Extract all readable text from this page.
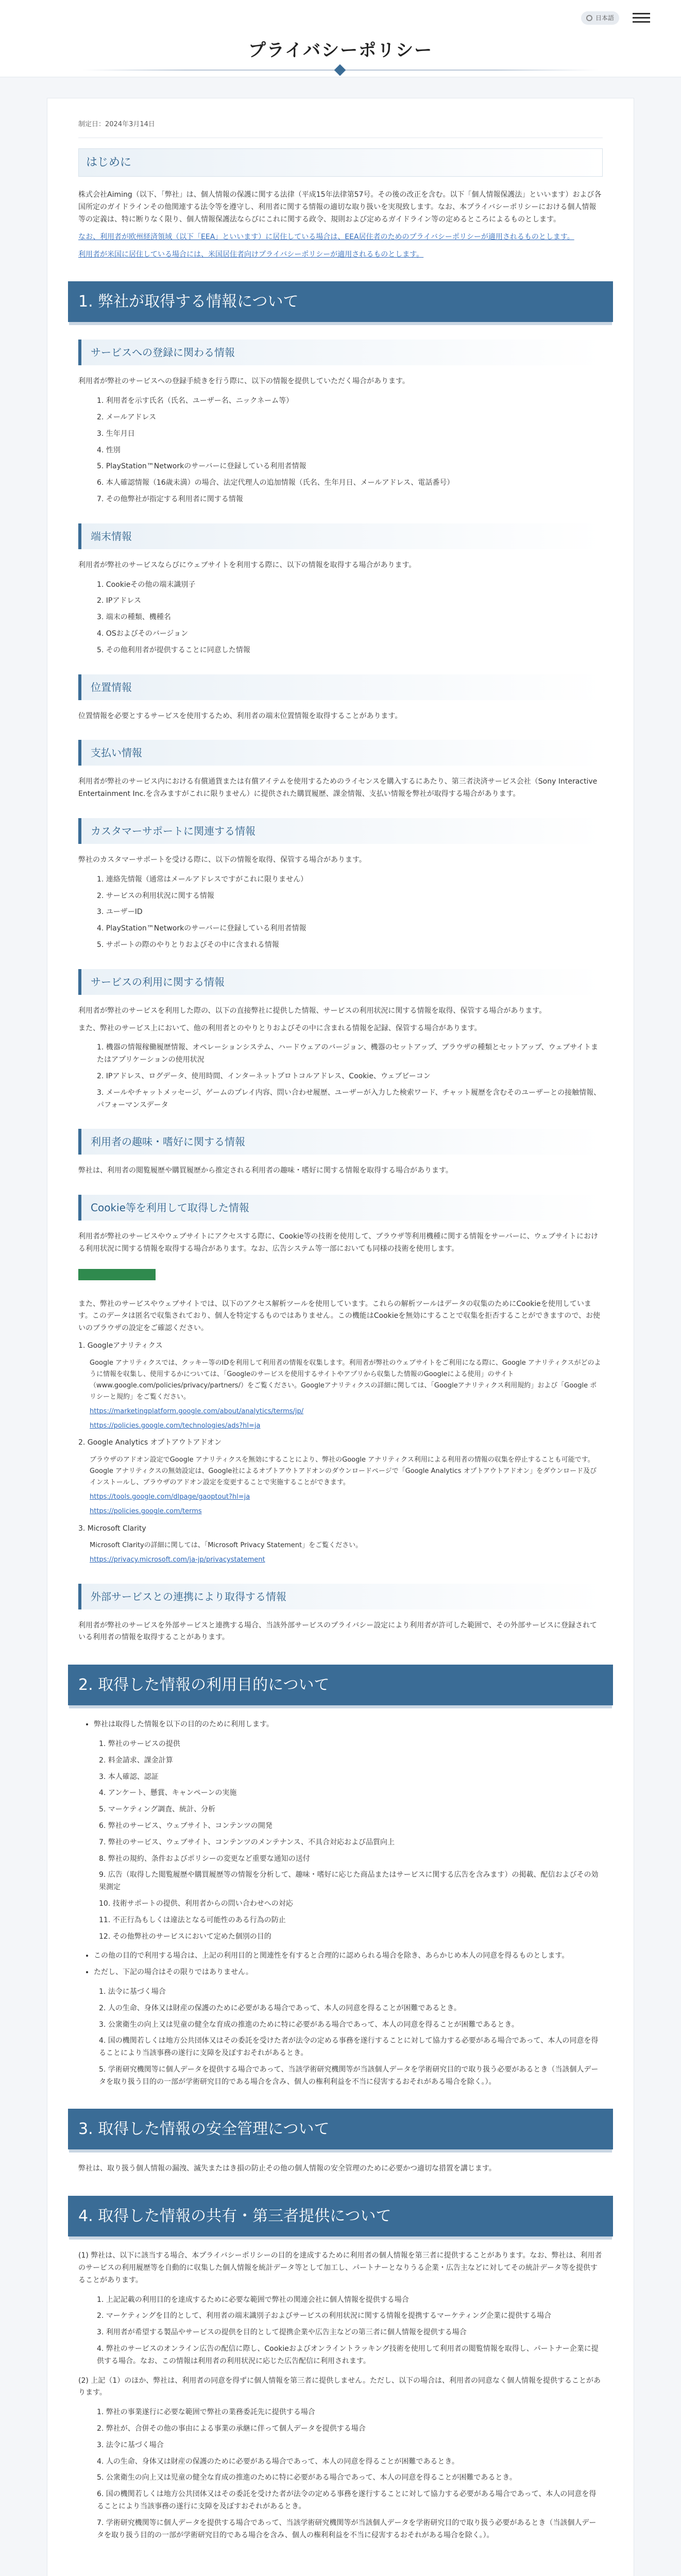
日本語
プライバシーポリシー
制定日：2024年3月14日
はじめに

株式会社Aiming（以下、「弊社」は、個人情報の保護に関する法律（平成15年法律第57号。その後の改正を含む。以下「個人情報保護法」といいます）および各国所定のガイドラインその他関連する法令等を遵守し、利用者に関する情報の適切な取り扱いを実現致します。なお、本プライバシーポリシーにおける個人情報等の定義は、特に断りなく限り、個人情報保護法ならびにこれに関する政令、規則および定めるガイドライン等の定めるところによるものとします。

なお、利用者が欧州経済領域（以下「EEA」といいます）に居住している場合は、EEA居住者のためのプライバシーポリシーが適用されるものとします。

利用者が米国に居住している場合には、米国居住者向けプライバシーポリシーが適用されるものとします。

1. 弊社が取得する情報について
サービスへの登録に関わる情報

利用者が弊社のサービスへの登録手続きを行う際に、以下の情報を提供していただく場合があります。

1. 利用者を示す氏名（氏名、ユーザー名、ニックネーム等）
2. メールアドレス
3. 生年月日
4. 性別
5. PlayStation™Networkのサーバーに登録している利用者情報
6. 本人確認情報（16歳未満）の場合、法定代理人の追加情報（氏名、生年月日、メールアドレス、電話番号）
7. その他弊社が指定する利用者に関する情報
端末情報

利用者が弊社のサービスならびにウェブサイトを利用する際に、以下の情報を取得する場合があります。

1. Cookieその他の端末識別子
2. IPアドレス
3. 端末の種類、機種名
4. OSおよびそのバージョン
5. その他利用者が提供することに同意した情報
位置情報

位置情報を必要とするサービスを使用するため、利用者の端末位置情報を取得することがあります。

支払い情報

利用者が弊社のサービス内における有償通貨または有償アイテムを使用するためのライセンスを購入するにあたり、第三者決済サービス会社（Sony Interactive Entertainment Inc.を含みますがこれに限りません）に提供された購買履歴、課金情報、支払い情報を弊社が取得する場合があります。

カスタマーサポートに関連する情報

弊社のカスタマーサポートを受ける際に、以下の情報を取得、保管する場合があります。

1. 連絡先情報（通常はメールアドレスですがこれに限りません）
2. サービスの利用状況に関する情報
3. ユーザーID
4. PlayStation™Networkのサーバーに登録している利用者情報
5. サポートの際のやりとりおよびその中に含まれる情報
サービスの利用に関する情報

利用者が弊社のサービスを利用した際の、以下の直接弊社に提供した情報、サービスの利用状況に関する情報を取得、保管する場合があります。

また、弊社のサービス上において、他の利用者とのやりとりおよびその中に含まれる情報を記録、保管する場合があります。

1. 機器の情報稼働履歴情報、オペレーションシステム、ハードウェアのバージョン、機器のセットアップ、ブラウザの種類とセットアップ、ウェブサイトまたはアプリケーションの使用状況
2. IPアドレス、ログデータ、使用時間、インターネットプロトコルアドレス、Cookie、ウェブビーコン
3. メールやチャットメッセージ、ゲームのプレイ内容、問い合わせ履歴、ユーザーが入力した検索ワード、チャット履歴を含むそのユーザーとの接触情報、パフォーマンスデータ
利用者の趣味・嗜好に関する情報

弊社は、利用者の閲覧履歴や購買履歴から推定される利用者の趣味・嗜好に関する情報を取得する場合があります。

Cookie等を利用して取得した情報

利用者が弊社のサービスやウェブサイトにアクセスする際に、Cookie等の技術を使用して、ブラウザ等利用機種に関する情報をサーバーに、ウェブサイトにおける利用状況に関する情報を取得する場合があります。なお、広告システム等一部においても同様の技術を使用します。

また、弊社のサービスやウェブサイトでは、以下のアクセス解析ツールを使用しています。これらの解析ツールはデータの収集のためにCookieを使用しています。このデータは匿名で収集されており、個人を特定するものではありません。この機能はCookieを無効にすることで収集を拒否することができますので、お使いのブラウザの設定をご確認ください。

1. Googleアナリティクス

Google アナリティクスでは、クッキー等のIDを利用して利用者の情報を収集します。利用者が弊社のウェブサイトをご利用になる際に、Google アナリティクスがどのように情報を収集し、使用するかについては、「Googleのサービスを使用するサイトやアプリから収集した情報のGoogleによる使用」のサイト（www.google.com/policies/privacy/partners/）をご覧ください。Googleアナリティクスの詳細に関しては、「Googleアナリティクス利用規約」および「Google ポリシーと規約」をご覧ください。

https://marketingplatform.google.com/about/analytics/terms/jp/

https://policies.google.com/technologies/ads?hl=ja

2. Google Analytics オプトアウトアドオン

ブラウザのアドオン設定でGoogle アナリティクスを無効にすることにより、弊社のGoogle アナリティクス利用による利用者の情報の収集を停止することも可能です。Google アナリティクスの無効設定は、Google社によるオプトアウトアドオンのダウンロードページで「Google Analytics オプトアウトアドオン」をダウンロード及びインストールし、ブラウザのアドオン設定を変更することで実施することができます。

https://tools.google.com/dlpage/gaoptout?hl=ja

https://policies.google.com/terms

3. Microsoft Clarity

Microsoft Clarityの詳細に関しては、「Microsoft Privacy Statement」をご覧ください。

https://privacy.microsoft.com/ja-jp/privacystatement

外部サービスとの連携により取得する情報

利用者が弊社のサービスを外部サービスと連携する場合、当該外部サービスのプライバシー設定により利用者が許可した範囲で、その外部サービスに登録されている利用者の情報を取得することがあります。

2. 取得した情報の利用目的について
• 弊社は取得した情報を以下の目的のために利用します。
1. 弊社のサービスの提供
2. 料金請求、課金計算
3. 本人確認、認証
4. アンケート、懸賞、キャンペーンの実施
5. マーケティング調査、統計、分析
6. 弊社のサービス、ウェブサイト、コンテンツの開発
7. 弊社のサービス、ウェブサイト、コンテンツのメンテナンス、不具合対応および品質向上
8. 弊社の規約、条件およびポリシーの変更など重要な通知の送付
9. 広告（取得した閲覧履歴や購買履歴等の情報を分析して、趣味・嗜好に応じた商品またはサービスに関する広告を含みます）の掲載、配信およびその効果測定
10. 技術サポートの提供、利用者からの問い合わせへの対応
11. 不正行為もしくは違法となる可能性のある行為の防止
12. その他弊社のサービスにおいて定めた個別の目的
• この他の目的で利用する場合は、上記の利用目的と関連性を有すると合理的に認められる場合を除き、あらかじめ本人の同意を得るものとします。
• ただし、下記の場合はその限りではありません。
1. 法令に基づく場合
2. 人の生命、身体又は財産の保護のために必要がある場合であって、本人の同意を得ることが困難であるとき。
3. 公衆衛生の向上又は児童の健全な育成の推進のために特に必要がある場合であって、本人の同意を得ることが困難であるとき。
4. 国の機関若しくは地方公共団体又はその委託を受けた者が法令の定める事務を遂行することに対して協力する必要がある場合であって、本人の同意を得ることにより当該事務の遂行に支障を及ぼすおそれがあるとき。
5. 学術研究機関等に個人データを提供する場合であって、当該学術研究機関等が当該個人データを学術研究目的で取り扱う必要があるとき（当該個人データを取り扱う目的の一部が学術研究目的である場合を含み、個人の権利利益を不当に侵害するおそれがある場合を除く。）。
3. 取得した情報の安全管理について

弊社は、取り扱う個人情報の漏洩、滅失またはき損の防止その他の個人情報の安全管理のために必要かつ適切な措置を講じます。

4. 取得した情報の共有・第三者提供について

(1) 弊社は、以下に該当する場合、本プライバシーポリシーの目的を達成するために利用者の個人情報を第三者に提供することがあります。なお、弊社は、利用者のサービスの利用履歴等を自動的に収集した個人情報を統計データ等として加工し、パートナーとなりうる企業・広告主などに対してその統計データ等を提供することがあります。

1. 上記記載の利用目的を達成するために必要な範囲で弊社の関連会社に個人情報を提供する場合
2. マーケティングを目的として、利用者の端末識別子およびサービスの利用状況に関する情報を提携するマーケティング企業に提供する場合
3. 利用者が希望する製品やサービスの提供を目的として提携企業や広告主などの第三者に個人情報を提供する場合
4. 弊社のサービスのオンライン広告の配信に際し、Cookieおよびオンライントラッキング技術を使用して利用者の閲覧情報を取得し、パートナー企業に提供する場合。なお、この情報は利用者の利用状況に応じた広告配信に利用されます。

(2) 上記（1）のほか、弊社は、利用者の同意を得ずに個人情報を第三者に提供しません。ただし、以下の場合は、利用者の同意なく個人情報を提供することがあります。

1. 弊社の事業遂行に必要な範囲で弊社の業務委託先に提供する場合
2. 弊社が、合併その他の事由による事業の承継に伴って個人データを提供する場合
3. 法令に基づく場合
4. 人の生命、身体又は財産の保護のために必要がある場合であって、本人の同意を得ることが困難であるとき。
5. 公衆衛生の向上又は児童の健全な育成の推進のために特に必要がある場合であって、本人の同意を得ることが困難であるとき。
6. 国の機関若しくは地方公共団体又はその委託を受けた者が法令の定める事務を遂行することに対して協力する必要がある場合であって、本人の同意を得ることにより当該事務の遂行に支障を及ぼすおそれがあるとき。
7. 学術研究機関等に個人データを提供する場合であって、当該学術研究機関等が当該個人データを学術研究目的で取り扱う必要があるとき（当該個人データを取り扱う目的の一部が学術研究目的である場合を含み、個人の権利利益を不当に侵害するおそれがある場合を除く。）。
